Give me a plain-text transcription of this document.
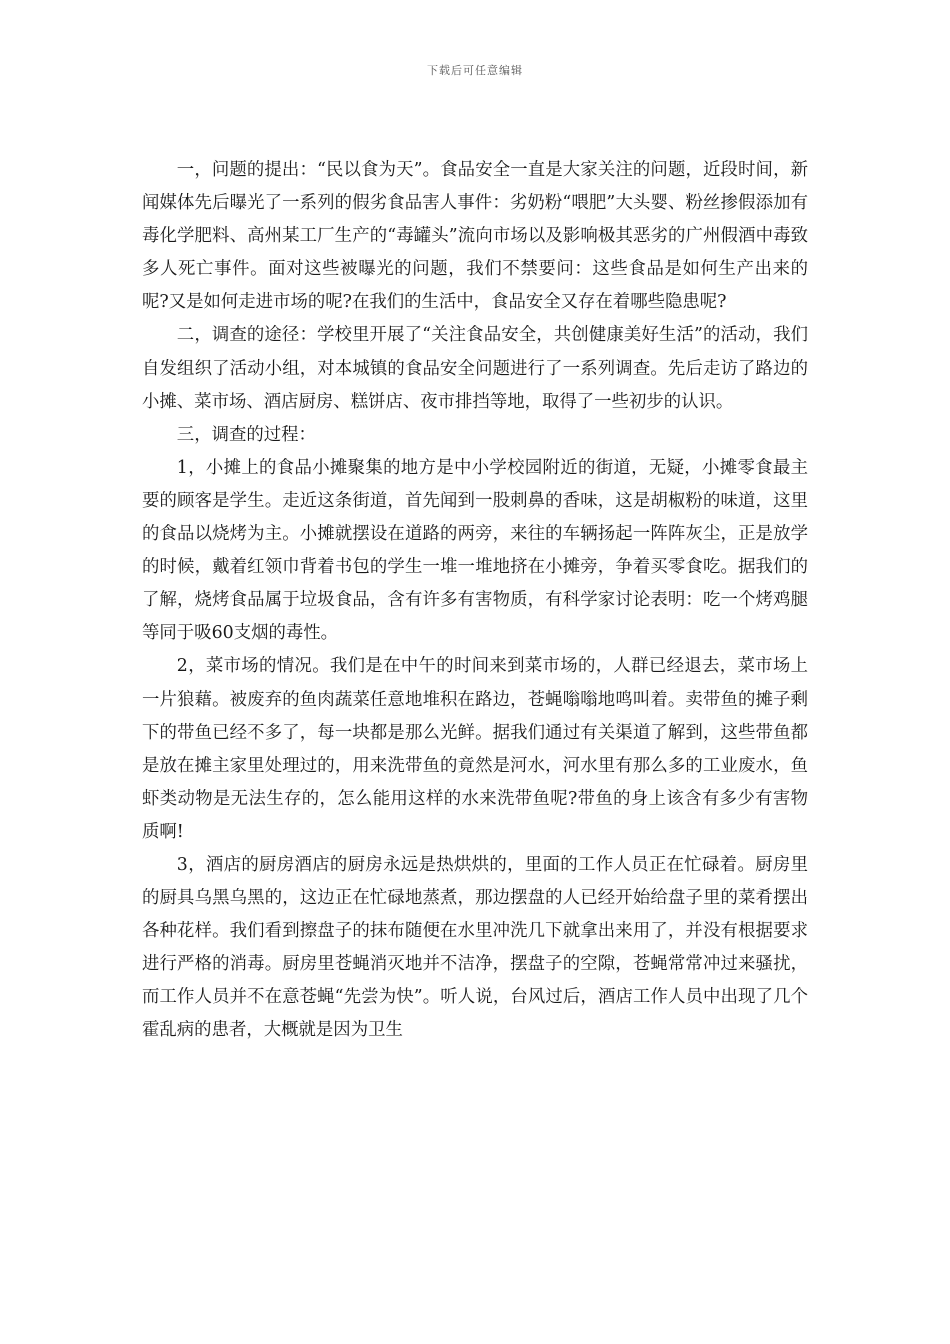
下载后可任意编辑

一，问题的提出：“民以食为天”。食品安全一直是大家关注的问题，近段时间，新闻媒体先后曝光了一系列的假劣食品害人事件：劣奶粉“喂肥”大头婴、粉丝掺假添加有毒化学肥料、高州某工厂生产的“毒罐头”流向市场以及影响极其恶劣的广州假酒中毒致多人死亡事件。面对这些被曝光的问题，我们不禁要问：这些食品是如何生产出来的呢?又是如何走进市场的呢?在我们的生活中，食品安全又存在着哪些隐患呢?

二，调查的途径：学校里开展了“关注食品安全，共创健康美好生活”的活动，我们自发组织了活动小组，对本城镇的食品安全问题进行了一系列调查。先后走访了路边的小摊、菜市场、酒店厨房、糕饼店、夜市排挡等地，取得了一些初步的认识。

三，调查的过程：

1，小摊上的食品小摊聚集的地方是中小学校园附近的街道，无疑，小摊零食最主要的顾客是学生。走近这条街道，首先闻到一股刺鼻的香味，这是胡椒粉的味道，这里的食品以烧烤为主。小摊就摆设在道路的两旁，来往的车辆扬起一阵阵灰尘，正是放学的时候，戴着红领巾背着书包的学生一堆一堆地挤在小摊旁，争着买零食吃。据我们的了解，烧烤食品属于垃圾食品，含有许多有害物质，有科学家讨论表明：吃一个烤鸡腿等同于吸60支烟的毒性。

2，菜市场的情况。我们是在中午的时间来到菜市场的，人群已经退去，菜市场上一片狼藉。被废弃的鱼肉蔬菜任意地堆积在路边，苍蝇嗡嗡地鸣叫着。卖带鱼的摊子剩下的带鱼已经不多了，每一块都是那么光鲜。据我们通过有关渠道了解到，这些带鱼都是放在摊主家里处理过的，用来洗带鱼的竟然是河水，河水里有那么多的工业废水，鱼虾类动物是无法生存的，怎么能用这样的水来洗带鱼呢?带鱼的身上该含有多少有害物质啊!

3，酒店的厨房酒店的厨房永远是热烘烘的，里面的工作人员正在忙碌着。厨房里的厨具乌黑乌黑的，这边正在忙碌地蒸煮，那边摆盘的人已经开始给盘子里的菜肴摆出各种花样。我们看到擦盘子的抹布随便在水里冲洗几下就拿出来用了，并没有根据要求进行严格的消毒。厨房里苍蝇消灭地并不洁净，摆盘子的空隙，苍蝇常常冲过来骚扰，而工作人员并不在意苍蝇“先尝为快”。听人说，台风过后，酒店工作人员中出现了几个霍乱病的患者，大概就是因为卫生
